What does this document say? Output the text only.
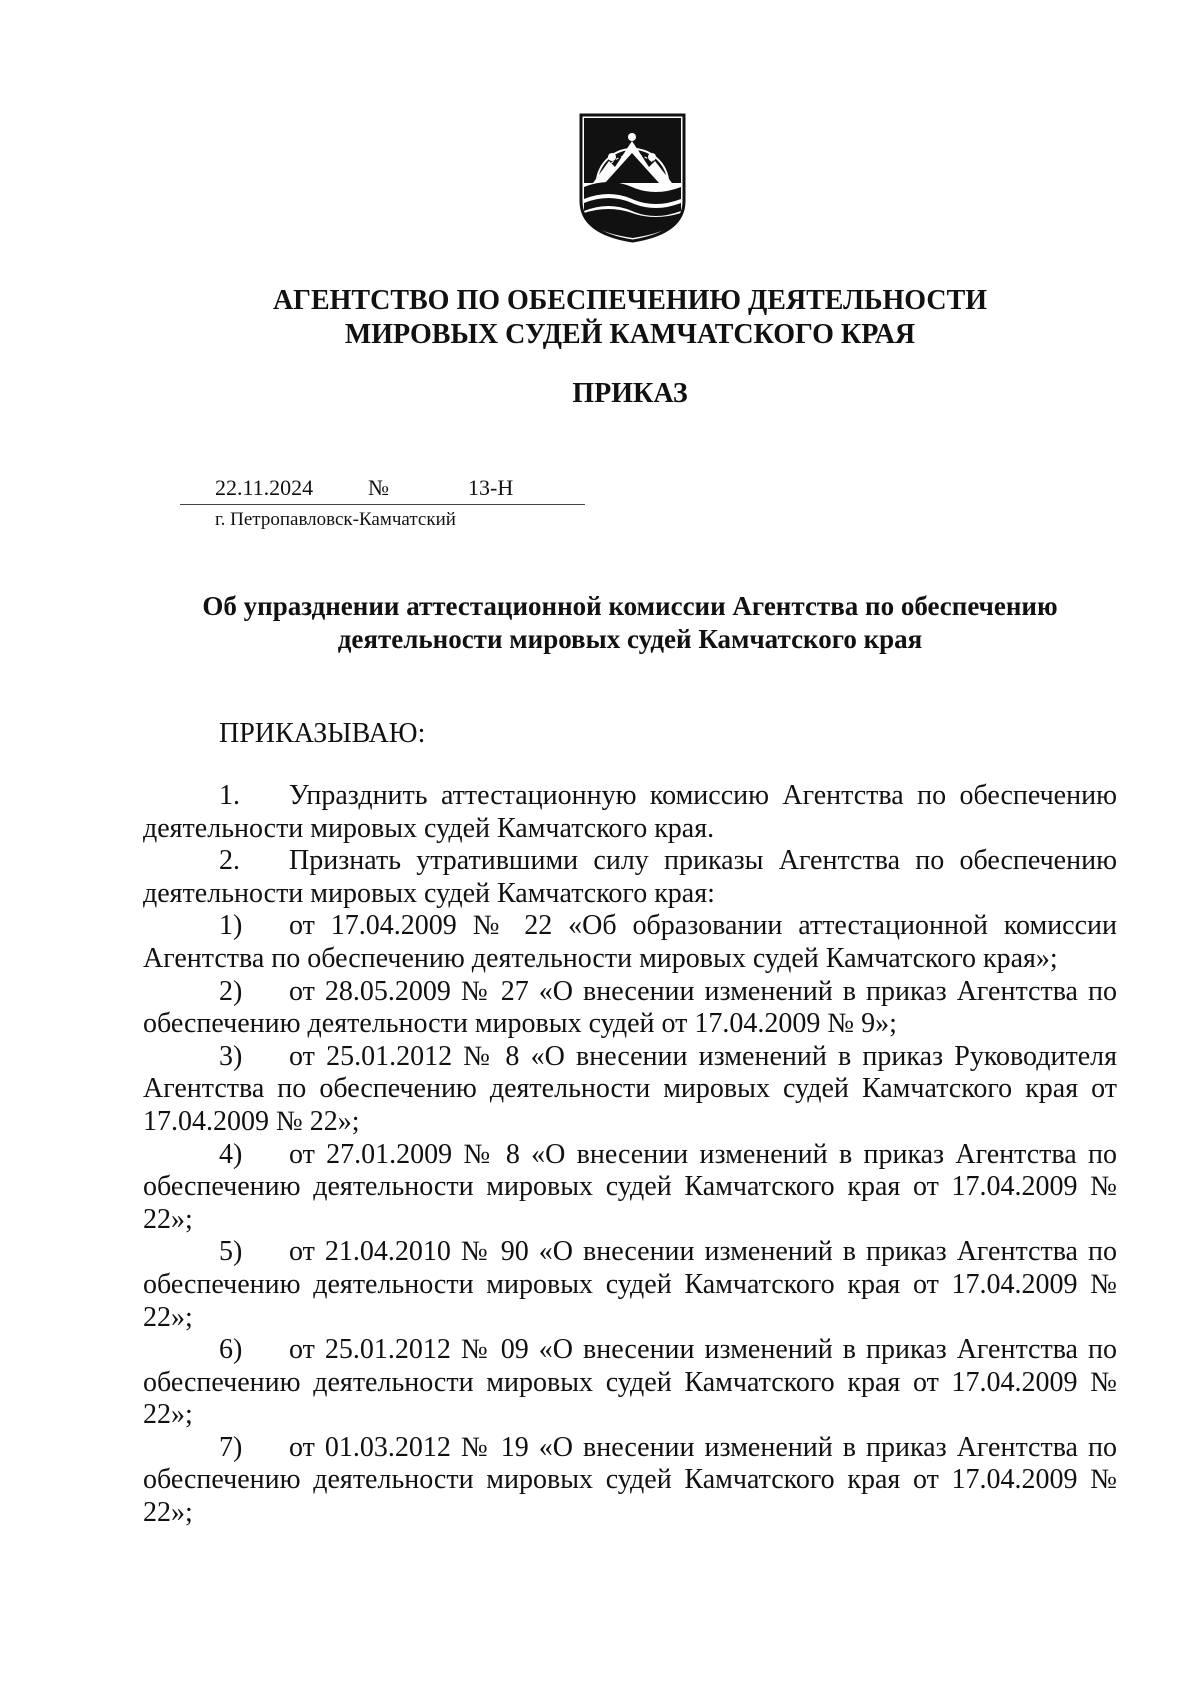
АГЕНТСТВО ПО ОБЕСПЕЧЕНИЮ ДЕЯТЕЛЬНОСТИ
МИРОВЫХ СУДЕЙ КАМЧАТСКОГО КРАЯ
ПРИКАЗ
22.11.2024 №	13-Н
г. Петропавловск-Камчатский
Об упразднении аттестационной комиссии Агентства по обеспечению
деятельности мировых судей Камчатского края
ПРИКАЗЫВАЮ:

1. Упразднить аттестационную комиссию Агентства по обеспечению деятельности мировых судей Камчатского края.

2. Признать утратившими силу приказы Агентства по обеспечению деятельности мировых судей Камчатского края:

1) от 17.04.2009 № 22 «Об образовании аттестационной комиссии Агентства по обеспечению деятельности мировых судей Камчатского края»;

2) от 28.05.2009 № 27 «О внесении изменений в приказ Агентства по обеспечению деятельности мировых судей от 17.04.2009 № 9»;

3) от 25.01.2012 № 8 «О внесении изменений в приказ Руководителя Агентства по обеспечению деятельности мировых судей Камчатского края от 17.04.2009 № 22»;

4) от 27.01.2009 № 8 «О внесении изменений в приказ Агентства по обеспечению деятельности мировых судей Камчатского края от 17.04.2009 № 22»;

5) от 21.04.2010 № 90 «О внесении изменений в приказ Агентства по обеспечению деятельности мировых судей Камчатского края от 17.04.2009 № 22»;

6) от 25.01.2012 № 09 «О внесении изменений в приказ Агентства по обеспечению деятельности мировых судей Камчатского края от 17.04.2009 № 22»;

7) от 01.03.2012 № 19 «О внесении изменений в приказ Агентства по обеспечению деятельности мировых судей Камчатского края от 17.04.2009 № 22»;
